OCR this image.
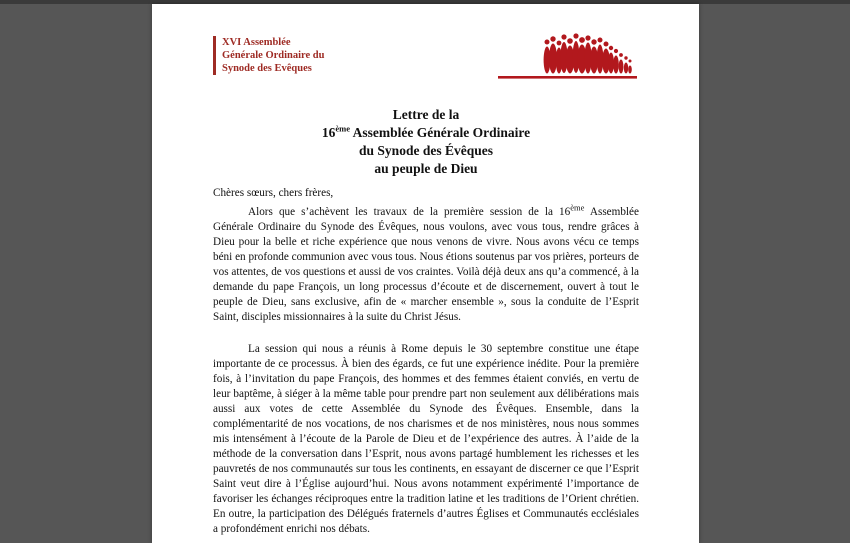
XVI Assemblée
Générale Ordinaire du
Synode des Evêques
Lettre de la
16ème Assemblée Générale Ordinaire
du Synode des Évêques
au peuple de Dieu

Chères sœurs, chers frères,

Alors que s’achèvent les travaux de la première session de la 16ème Assemblée Générale Ordinaire du Synode des Évêques, nous voulons, avec vous tous, rendre grâces à Dieu pour la belle et riche expérience que nous venons de vivre. Nous avons vécu ce temps béni en profonde communion avec vous tous. Nous étions soutenus par vos prières, porteurs de vos attentes, de vos questions et aussi de vos craintes. Voilà déjà deux ans qu’a commencé, à la demande du pape François, un long processus d’écoute et de discernement, ouvert à tout le peuple de Dieu, sans exclusive, afin de « marcher ensemble », sous la conduite de l’Esprit Saint, disciples missionnaires à la suite du Christ Jésus.

La session qui nous a réunis à Rome depuis le 30 septembre constitue une étape importante de ce processus. À bien des égards, ce fut une expérience inédite. Pour la première fois, à l’invitation du pape François, des hommes et des femmes étaient conviés, en vertu de leur baptême, à siéger à la même table pour prendre part non seulement aux délibérations mais aussi aux votes de cette Assemblée du Synode des Évêques. Ensemble, dans la complémentarité de nos vocations, de nos charismes et de nos ministères, nous nous sommes mis intensément à l’écoute de la Parole de Dieu et de l’expérience des autres. À l’aide de la méthode de la conversation dans l’Esprit, nous avons partagé humblement les richesses et les pauvretés de nos communautés sur tous les continents, en essayant de discerner ce que l’Esprit Saint veut dire à l’Église aujourd’hui. Nous avons notamment expérimenté l’importance de favoriser les échanges réciproques entre la tradition latine et les traditions de l’Orient chrétien. En outre, la participation des Délégués fraternels d’autres Églises et Communautés ecclésiales a profondément enrichi nos débats.
